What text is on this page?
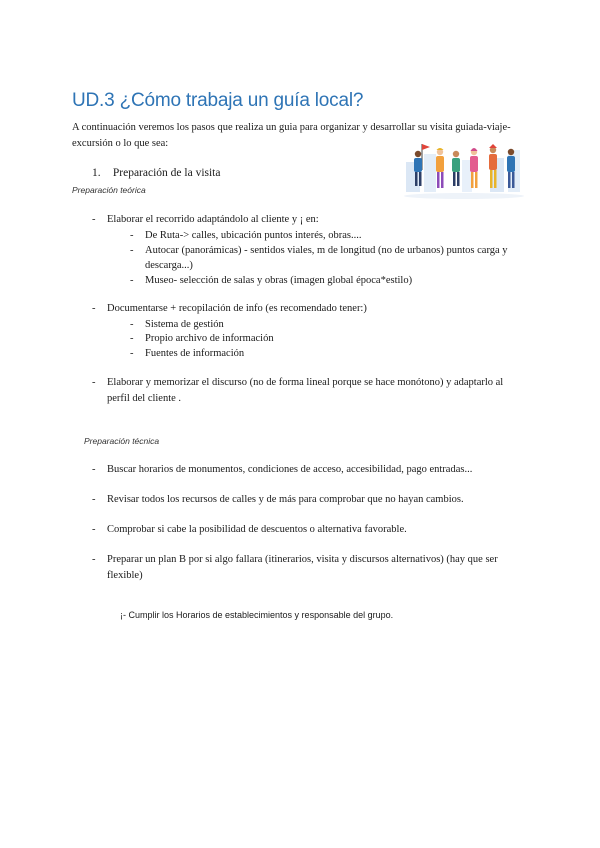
UD.3 ¿Cómo trabaja un guía local?
A continuación veremos los pasos que realiza un guia para organizar y desarrollar su visita guiada-viaje-excursión o lo que sea:
1. Preparación de la visita
Preparación teórica
- Elaborar el recorrido adaptándolo al cliente y ¡ en:
- De Ruta-> calles, ubicación puntos interés, obras....
- Autocar (panorámicas) - sentidos viales, m de longitud (no de urbanos) puntos carga y descarga...)
- Museo- selección de salas y obras (imagen global época*estilo)
- Documentarse + recopilación de info (es recomendado tener:)
- Sistema de gestión
- Propio archivo de información
- Fuentes de información
- Elaborar y memorizar el discurso (no de forma lineal porque se hace monótono) y adaptarlo al perfil del cliente .
Preparación técnica
- Buscar horarios de monumentos, condiciones de acceso, accesibilidad, pago entradas...
- Revisar todos los recursos de calles y de más para comprobar que no hayan cambios.
- Comprobar si cabe la posibilidad de descuentos o alternativa favorable.
- Preparar un plan B por si algo fallara (itinerarios, visita y discursos alternativos) (hay que ser flexible)
¡- Cumplir los Horarios de establecimientos y responsable del grupo.
